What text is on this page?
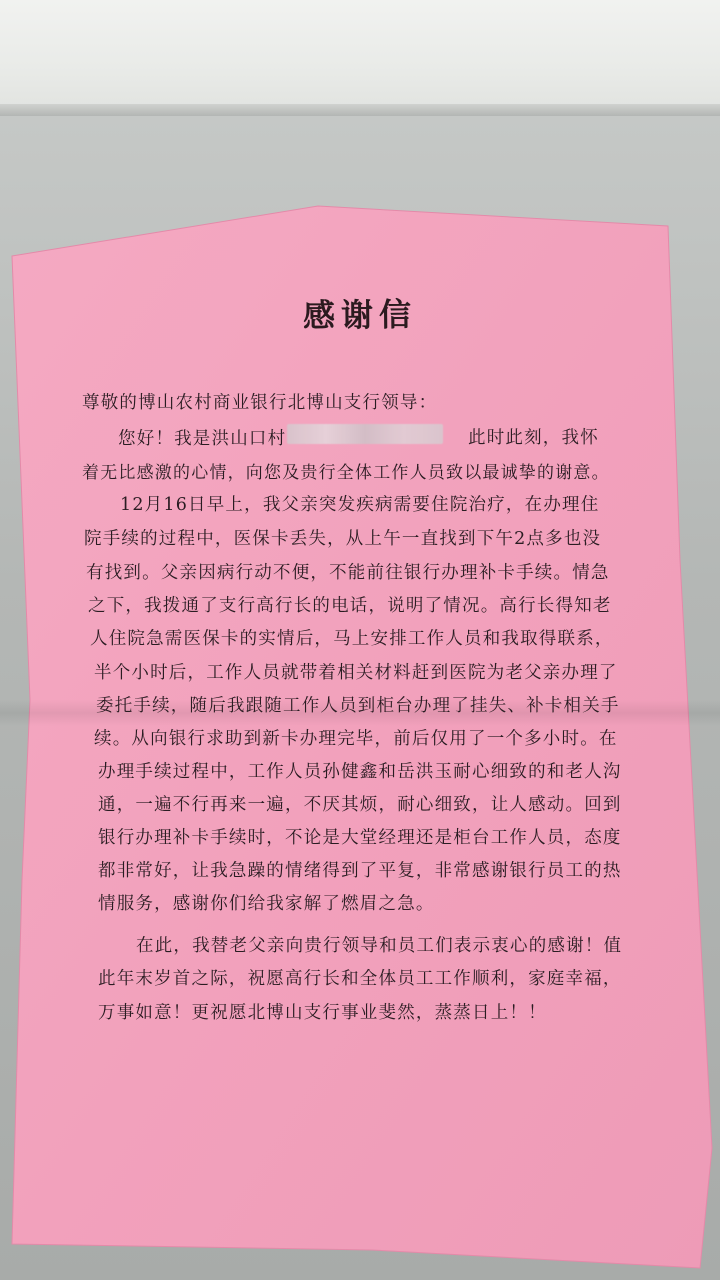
感谢信
尊敬的博山农村商业银行北博山支行领导：
您好！我是洪山口村	此时此刻，我怀
着无比感激的心情，向您及贵行全体工作人员致以最诚挚的谢意。
12月16日早上，我父亲突发疾病需要住院治疗，在办理住
院手续的过程中，医保卡丢失，从上午一直找到下午2点多也没
有找到。父亲因病行动不便，不能前往银行办理补卡手续。情急
之下，我拨通了支行高行长的电话，说明了情况。高行长得知老
人住院急需医保卡的实情后，马上安排工作人员和我取得联系，
半个小时后，工作人员就带着相关材料赶到医院为老父亲办理了
委托手续，随后我跟随工作人员到柜台办理了挂失、补卡相关手
续。从向银行求助到新卡办理完毕，前后仅用了一个多小时。在
办理手续过程中，工作人员孙健鑫和岳洪玉耐心细致的和老人沟
通，一遍不行再来一遍，不厌其烦，耐心细致，让人感动。回到
银行办理补卡手续时，不论是大堂经理还是柜台工作人员，态度
都非常好，让我急躁的情绪得到了平复，非常感谢银行员工的热
情服务，感谢你们给我家解了燃眉之急。
在此，我替老父亲向贵行领导和员工们表示衷心的感谢！值
此年末岁首之际，祝愿高行长和全体员工工作顺利，家庭幸福，
万事如意！更祝愿北博山支行事业斐然，蒸蒸日上！！
